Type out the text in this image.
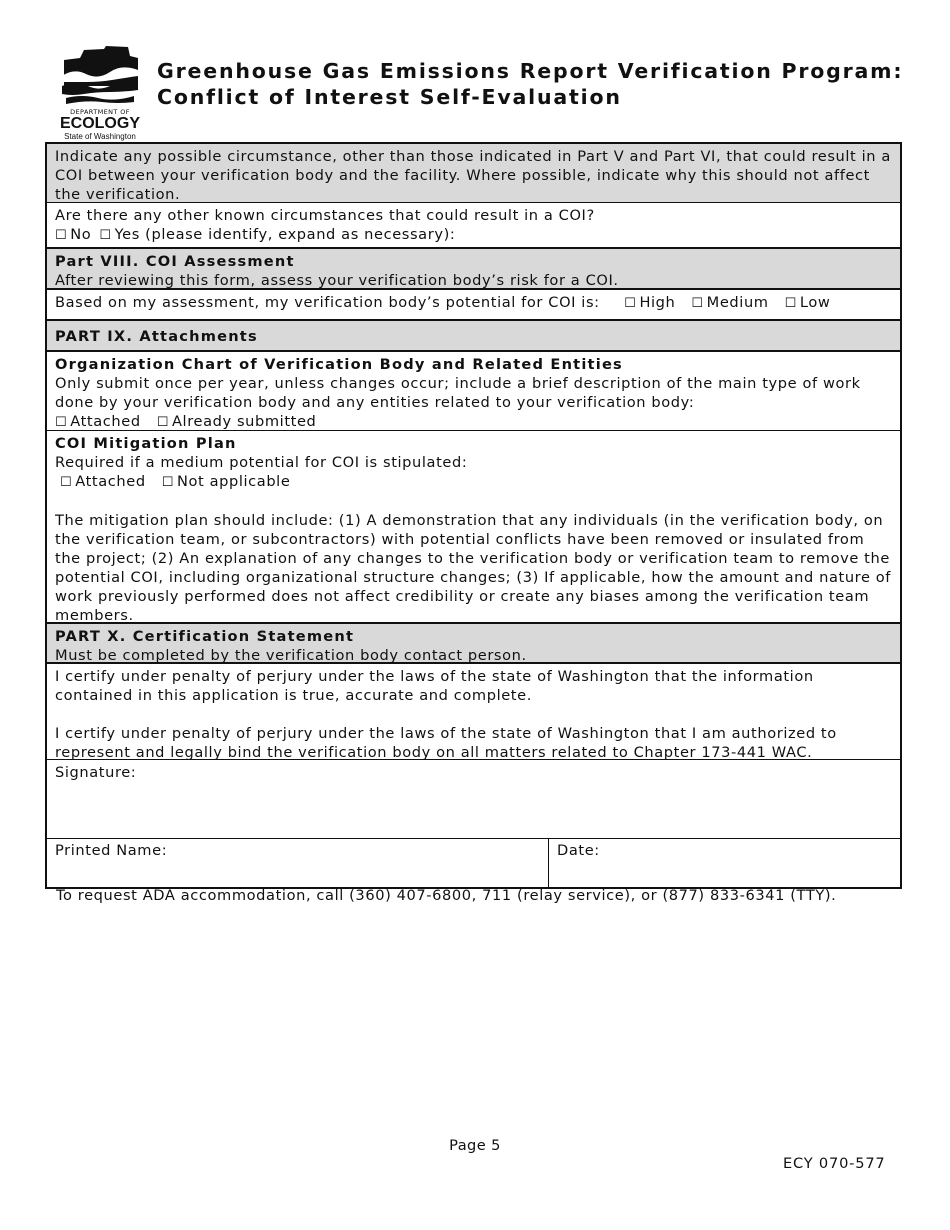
DEPARTMENT OF
ECOLOGY
State of Washington
Greenhouse Gas Emissions Report Verification Program:
Conflict of Interest Self-Evaluation

Indicate any possible circumstance, other than those indicated in Part V and Part VI, that could result in a COI between your verification body and the facility. Where possible, indicate why this should not affect the verification.

Are there any other known circumstances that could result in a COI?

☐ No ☐ Yes (please identify, expand as necessary):

Part VIII. COI Assessment

After reviewing this form, assess your verification body’s risk for a COI.

Based on my assessment, my verification body’s potential for COI is: ☐ High ☐ Medium ☐ Low

PART IX. Attachments

Organization Chart of Verification Body and Related Entities

Only submit once per year, unless changes occur; include a brief description of the main type of work done by your verification body and any entities related to your verification body:

☐ Attached ☐ Already submitted

COI Mitigation Plan

Required if a medium potential for COI is stipulated:

☐ Attached ☐ Not applicable

The mitigation plan should include: (1) A demonstration that any individuals (in the verification body, on the verification team, or subcontractors) with potential conflicts have been removed or insulated from the project; (2) An explanation of any changes to the verification body or verification team to remove the potential COI, including organizational structure changes; (3) If applicable, how the amount and nature of work previously performed does not affect credibility or create any biases among the verification team members.

PART X. Certification Statement

Must be completed by the verification body contact person.

I certify under penalty of perjury under the laws of the state of Washington that the information contained in this application is true, accurate and complete.

I certify under penalty of perjury under the laws of the state of Washington that I am authorized to represent and legally bind the verification body on all matters related to Chapter 173-441 WAC.

Signature:
Printed Name:	Date:
To request ADA accommodation, call (360) 407-6800, 711 (relay service), or (877) 833-6341 (TTY).
Page 5
ECY 070-577
